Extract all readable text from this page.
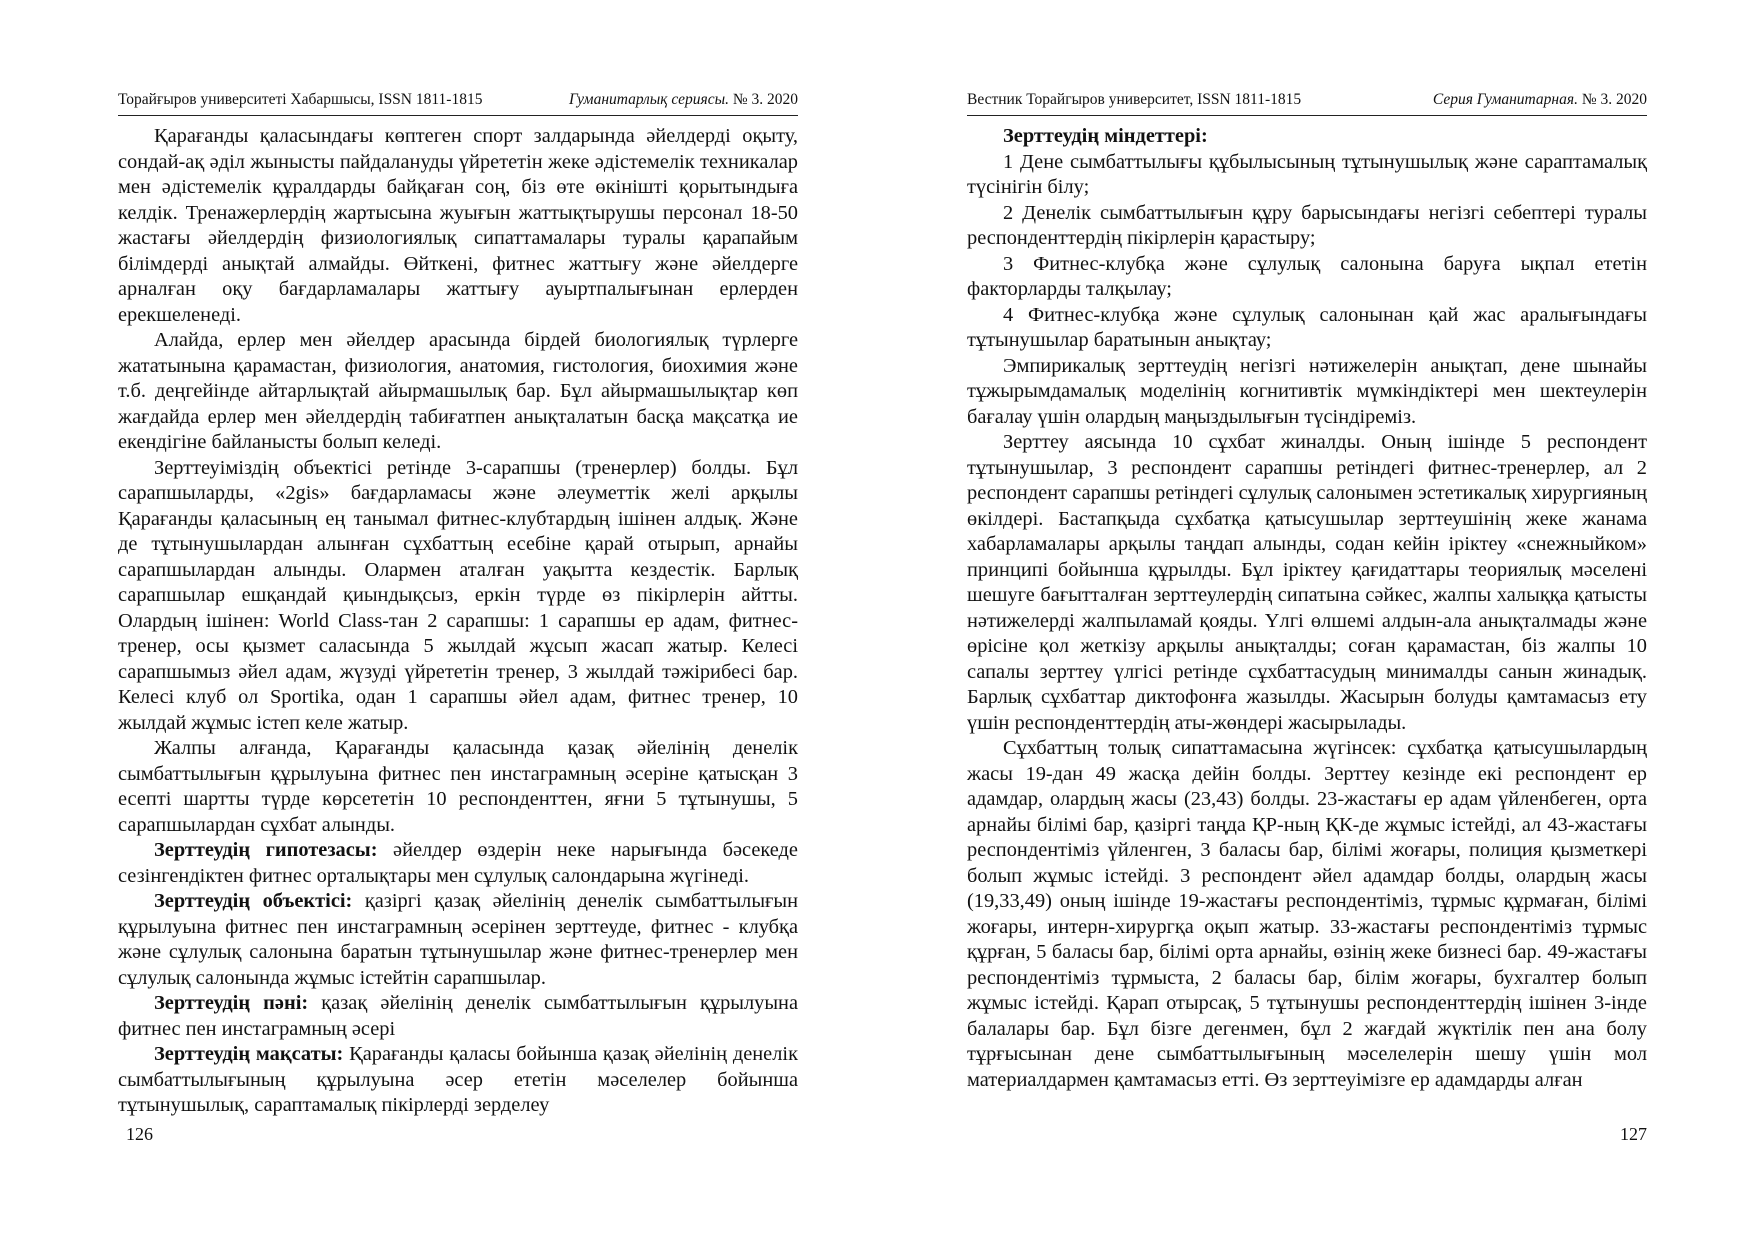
Торайғыров университеті Хабаршысы, ISSN 1811-1815	Гуманитарлық сериясы. № 3. 2020

Қарағанды қаласындағы көптеген спорт залдарында әйелдерді оқыту, сондай-ақ әділ жынысты пайдалануды үйрететін жеке әдістемелік техникалар мен әдістемелік құралдарды байқаған соң, біз өте өкінішті қорытындыға келдік. Тренажерлердің жартысына жуығын жаттықтырушы персонал 18-50 жастағы әйелдердің физиологиялық сипаттамалары туралы қарапайым білімдерді анықтай алмайды. Өйткені, фитнес жаттығу және әйелдерге арналған оқу бағдарламалары жаттығу ауыртпалығынан ерлерден ерекшеленеді.

Алайда, ерлер мен әйелдер арасында бірдей биологиялық түрлерге жататынына қарамастан, физиология, анатомия, гистология, биохимия және т.б. деңгейінде айтарлықтай айырмашылық бар. Бұл айырмашылықтар көп жағдайда ерлер мен әйелдердің табиғатпен анықталатын басқа мақсатқа ие екендігіне байланысты болып келеді.

Зерттеуіміздің объектісі ретінде 3-сарапшы (тренерлер) болды. Бұл сарапшыларды, «2gis» бағдарламасы және әлеуметтік желі арқылы Қарағанды қаласының ең танымал фитнес-клубтардың ішінен алдық. Және де тұтынушылардан алынған сұхбаттың есебіне қарай отырып, арнайы сарапшылардан алынды. Олармен аталған уақытта кездестік. Барлық сарапшылар ешқандай қиындықсыз, еркін түрде өз пікірлерін айтты. Олардың ішінен: World Class-тан 2 сарапшы: 1 сарапшы ер адам, фитнес-тренер, осы қызмет саласында 5 жылдай жұсып жасап жатыр. Келесі сарапшымыз әйел адам, жүзуді үйрететін тренер, 3 жылдай тәжірибесі бар. Келесі клуб ол Sportika, одан 1 сарапшы әйел адам, фитнес тренер, 10 жылдай жұмыс істеп келе жатыр.

Жалпы алғанда, Қарағанды қаласында қазақ әйелінің денелік сымбаттылығын құрылуына фитнес пен инстаграмның әсеріне қатысқан 3 есепті шартты түрде көрсететін 10 респонденттен, яғни 5 тұтынушы, 5 сарапшылардан сұхбат алынды.

Зерттеудің гипотезасы: әйелдер өздерін неке нарығында бәсекеде сезінгендіктен фитнес орталықтары мен сұлулық салондарына жүгінеді.

Зерттеудің объектісі: қазіргі қазақ әйелінің денелік сымбаттылығын құрылуына фитнес пен инстаграмның әсерінен зерттеуде, фитнес - клубқа және сұлулық салонына баратын тұтынушылар және фитнес-тренерлер мен сұлулық салонында жұмыс істейтін сарапшылар.

Зерттеудің пәні: қазақ әйелінің денелік сымбаттылығын құрылуына фитнес пен инстаграмның әсері

Зерттеудің мақсаты: Қарағанды қаласы бойынша қазақ әйелінің денелік сымбаттылығының құрылуына әсер ететін мәселелер бойынша тұтынушылық, сараптамалық пікірлерді зерделеу

126
Вестник Торайгыров университет, ISSN 1811-1815	Серия Гуманитарная. № 3. 2020

Зерттеудің міндеттері:

1 Дене сымбаттылығы құбылысының тұтынушылық және сараптамалық түсінігін білу;

2 Денелік сымбаттылығын құру барысындағы негізгі себептері туралы респонденттердің пікірлерін қарастыру;

3 Фитнес-клубқа және сұлулық салонына баруға ықпал ететін факторларды талқылау;

4 Фитнес-клубқа және сұлулық салонынан қай жас аралығындағы тұтынушылар баратынын анықтау;

Эмпирикалық зерттеудің негізгі нәтижелерін анықтап, дене шынайы тұжырымдамалық моделінің когнитивтік мүмкіндіктері мен шектеулерін бағалау үшін олардың маңыздылығын түсіндіреміз.

Зерттеу аясында 10 сұхбат жиналды. Оның ішінде 5 респондент тұтынушылар, 3 респондент сарапшы ретіндегі фитнес-тренерлер, ал 2 респондент сарапшы ретіндегі сұлулық салонымен эстетикалық хирургияның өкілдері. Бастапқыда сұхбатқа қатысушылар зерттеушінің жеке жанама хабарламалары арқылы таңдап алынды, содан кейін іріктеу «снежныйком» принципі бойынша құрылды. Бұл іріктеу қағидаттары теориялық мәселені шешуге бағытталған зерттеулердің сипатына сәйкес, жалпы халыққа қатысты нәтижелерді жалпыламай қояды. Үлгі өлшемі алдын-ала анықталмады және өрісіне қол жеткізу арқылы анықталды; соған қарамастан, біз жалпы 10 сапалы зерттеу үлгісі ретінде сұхбаттасудың минималды санын жинадық. Барлық сұхбаттар диктофонға жазылды. Жасырын болуды қамтамасыз ету үшін респонденттердің аты-жөндері жасырылады.

Сұхбаттың толық сипаттамасына жүгінсек: сұхбатқа қатысушылардың жасы 19-дан 49 жасқа дейін болды. Зерттеу кезінде екі респондент ер адамдар, олардың жасы (23,43) болды. 23-жастағы ер адам үйленбеген, орта арнайы білімі бар, қазіргі таңда ҚР-ның ҚК-де жұмыс істейді, ал 43-жастағы респондентіміз үйленген, 3 баласы бар, білімі жоғары, полиция қызметкері болып жұмыс істейді. 3 респондент әйел адамдар болды, олардың жасы (19,33,49) оның ішінде 19-жастағы респондентіміз, тұрмыс құрмаған, білімі жоғары, интерн-хирургқа оқып жатыр. 33-жастағы респондентіміз тұрмыс құрған, 5 баласы бар, білімі орта арнайы, өзінің жеке бизнесі бар. 49-жастағы респондентіміз тұрмыста, 2 баласы бар, білім жоғары, бухгалтер болып жұмыс істейді. Қарап отырсақ, 5 тұтынушы респонденттердің ішінен 3-інде балалары бар. Бұл бізге дегенмен, бұл 2 жағдай жүктілік пен ана болу тұрғысынан дене сымбаттылығының мәселелерін шешу үшін мол материалдармен қамтамасыз етті. Өз зерттеуімізге ер адамдарды алған

127
